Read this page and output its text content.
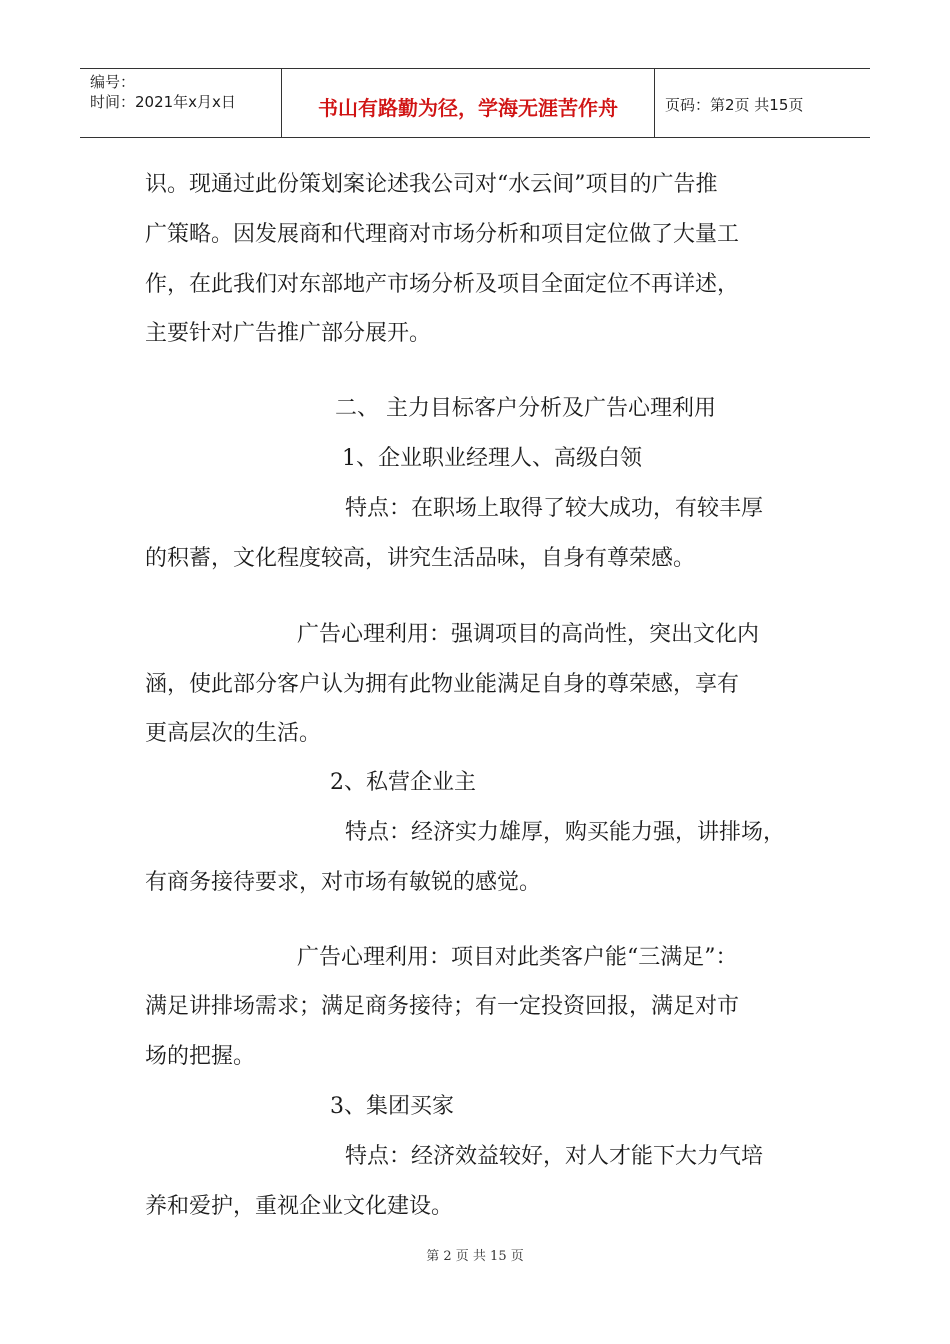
编号：
时间：2021年x月x日	书山有路勤为径，学海无涯苦作舟	页码：第2页 共15页
识。现通过此份策划案论述我公司对“水云间”项目的广告推
广策略。因发展商和代理商对市场分析和项目定位做了大量工
作，在此我们对东部地产市场分析及项目全面定位不再详述，
主要针对广告推广部分展开。
二、 主力目标客户分析及广告心理利用
1、企业职业经理人、高级白领
特点：在职场上取得了较大成功，有较丰厚
的积蓄，文化程度较高，讲究生活品味，自身有尊荣感。
广告心理利用：强调项目的高尚性，突出文化内
涵，使此部分客户认为拥有此物业能满足自身的尊荣感，享有
更高层次的生活。
2、私营企业主
特点：经济实力雄厚，购买能力强，讲排场，
有商务接待要求，对市场有敏锐的感觉。
广告心理利用：项目对此类客户能“三满足”：
满足讲排场需求；满足商务接待；有一定投资回报，满足对市
场的把握。
3、集团买家
特点：经济效益较好，对人才能下大力气培
养和爱护，重视企业文化建设。
第 2 页 共 15 页
